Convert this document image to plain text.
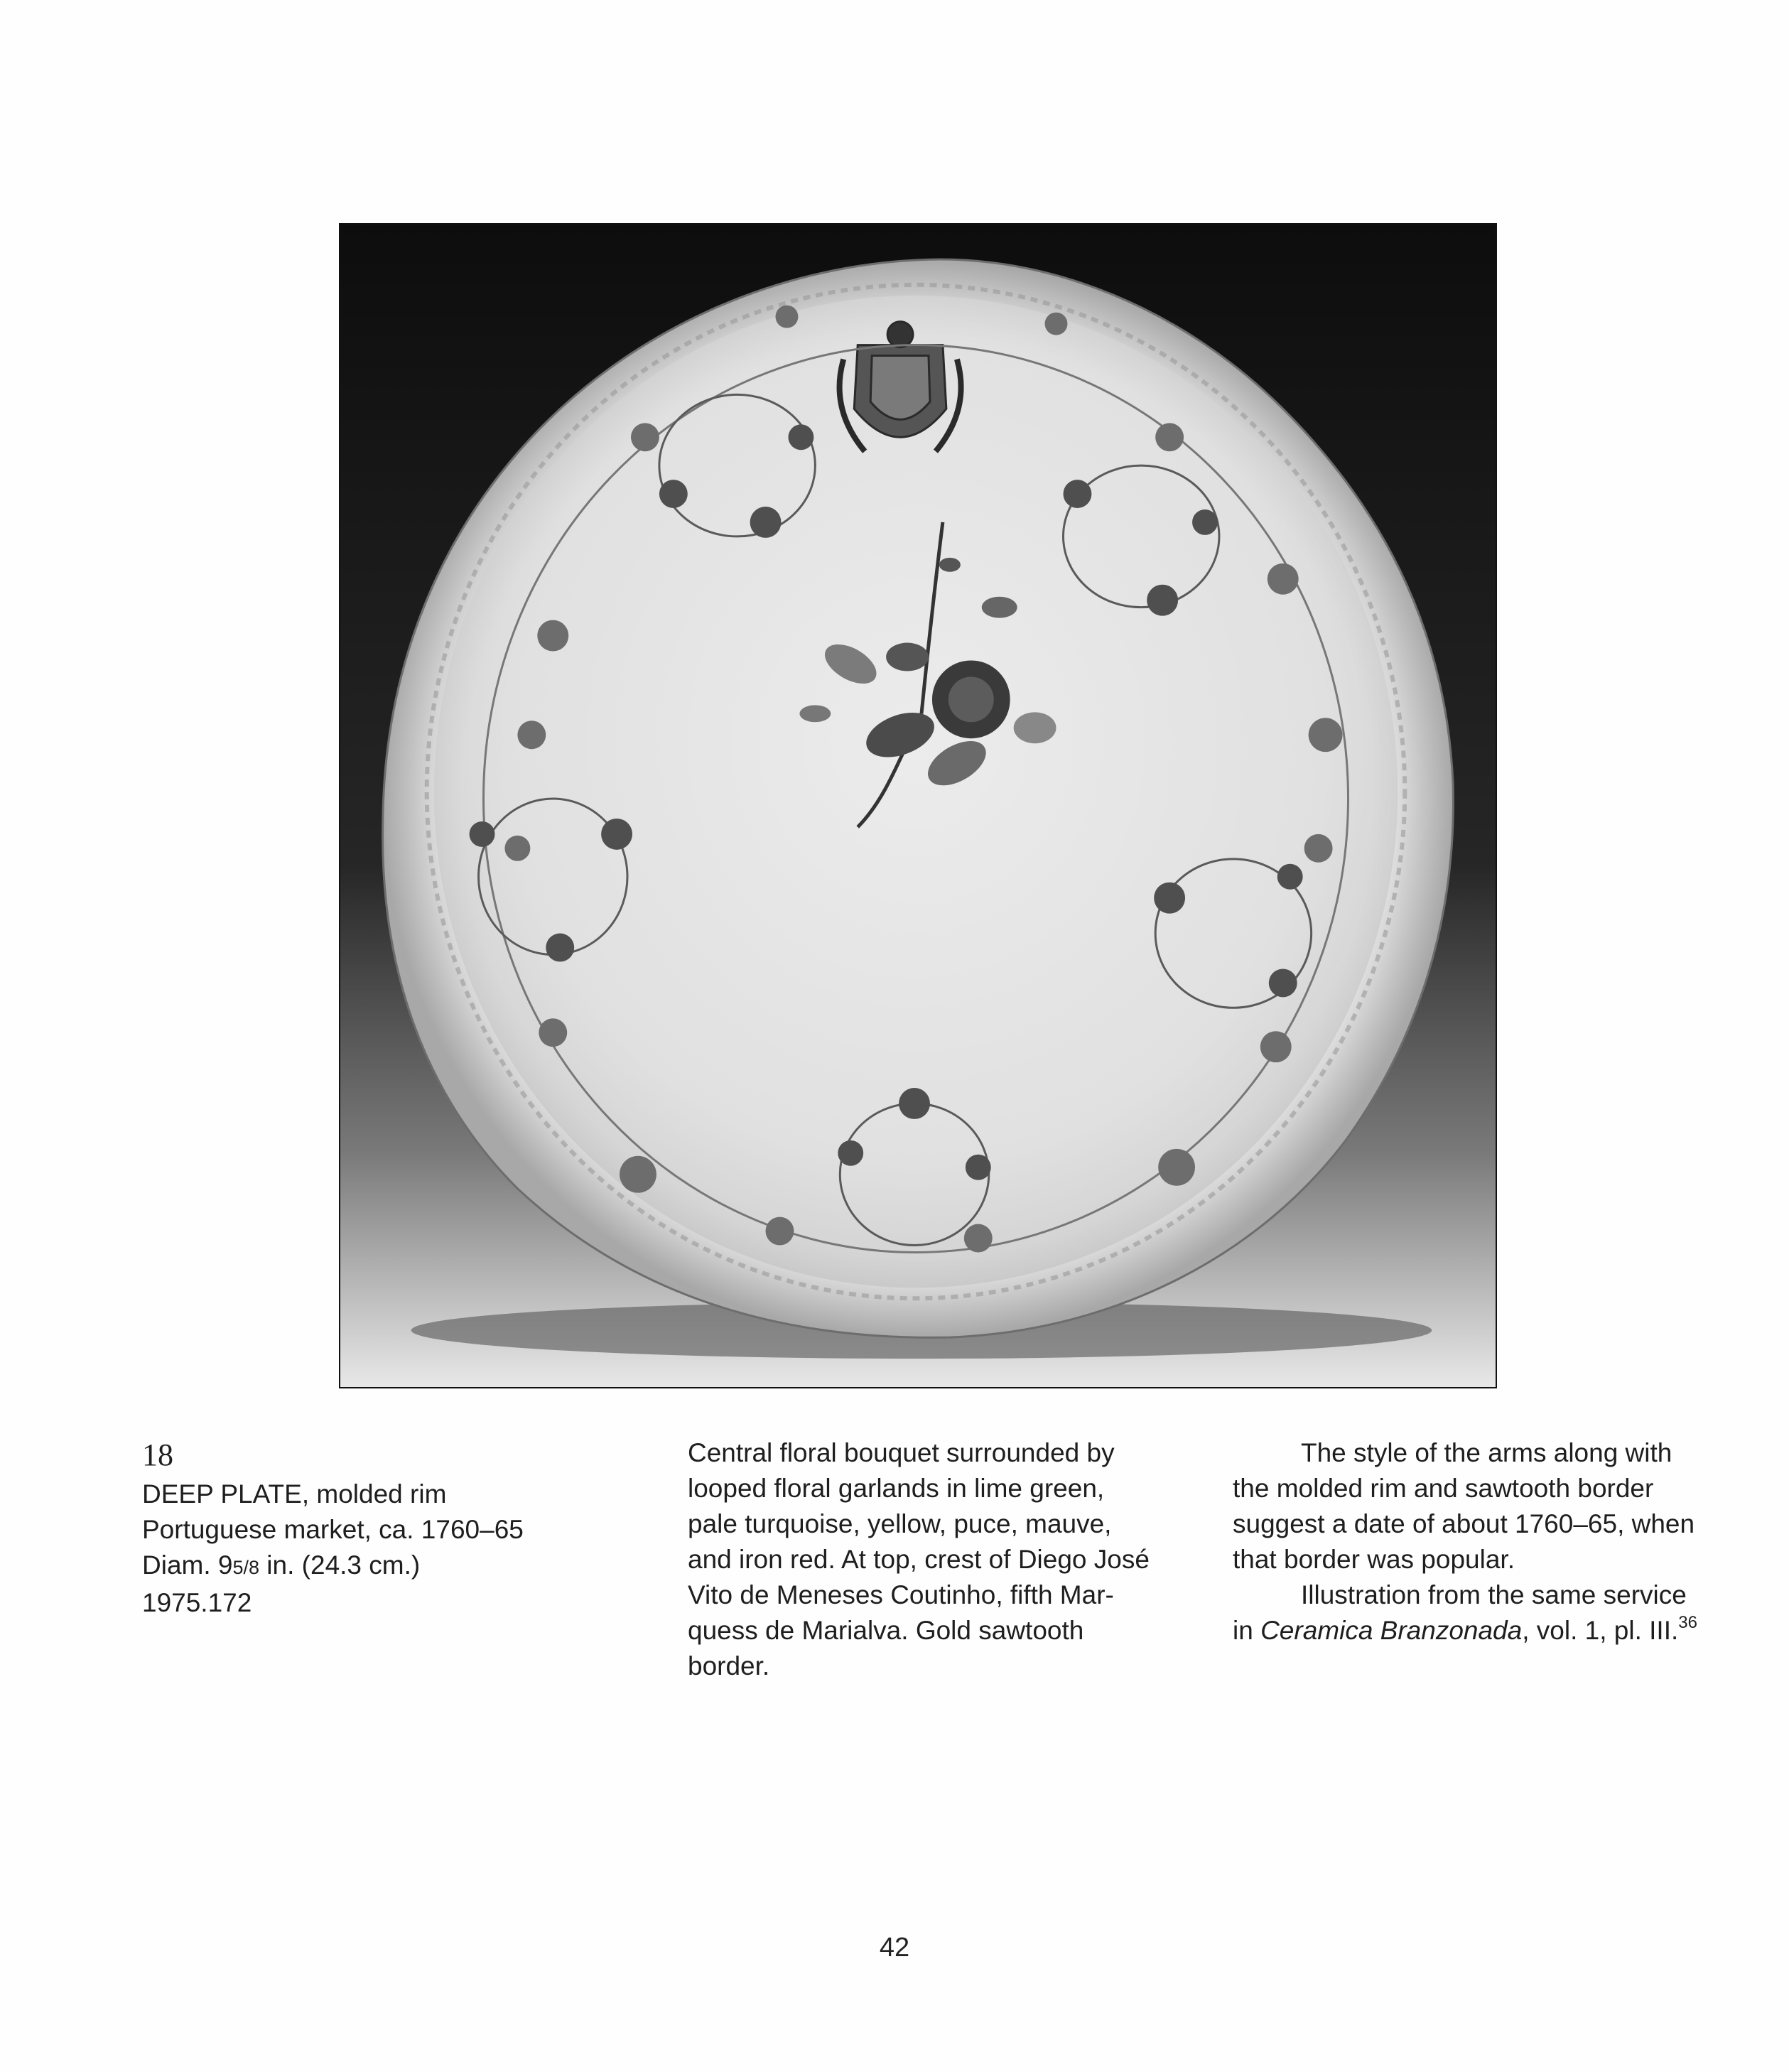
18
DEEP PLATE, molded rim
Portuguese market, ca. 1760–65
Diam. 95/8 in. (24.3 cm.)
1975.172
Central floral bouquet surrounded by
looped floral garlands in lime green,
pale turquoise, yellow, puce, mauve,
and iron red. At top, crest of Diego José
Vito de Meneses Coutinho, fifth Mar-
quess de Marialva. Gold sawtooth
border.
The style of the arms along with
the molded rim and sawtooth border
suggest a date of about 1760–65, when
that border was popular.
Illustration from the same service
in Ceramica Branzonada, vol. 1, pl. III.$^{36}$
42
